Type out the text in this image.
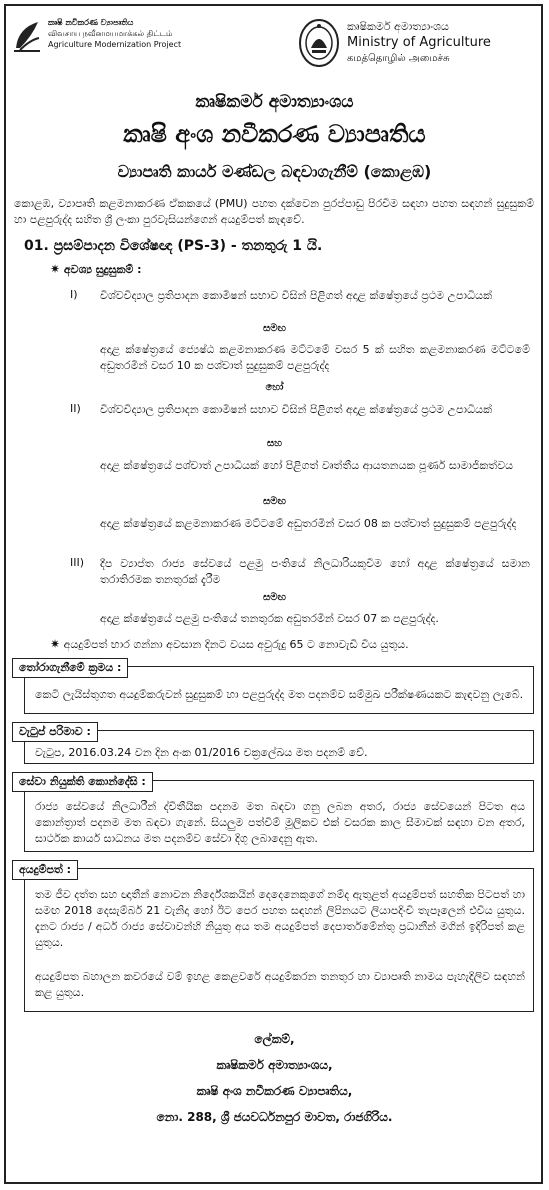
කෘෂි නවීකරණ ව්‍යාපෘතිය
விவசாய நவீனமயமாக்கல் திட்டம்
Agriculture Modernization Project
කෘෂිකර්ම අමාත්‍යාංශය
Ministry of Agriculture
கமத்தொழில் அமைச்சு
කෘෂිකර්ම අමාත්‍යාංශය
කෘෂි අංශ නවීකරණ ව්‍යාපෘතිය
ව්‍යාපෘති කාර්ය මණ්ඩල බඳවාගැනීම් (කොළඹ)
කොළඹ, ව්‍යාපෘති කළමනාකරණ ඒකකයේ (PMU) පහත දක්වෙන පුරප්පාඩු පිරවීම සඳහා පහත සඳහන් සුදුසුකම් හා පළපුරුද්ද සහිත ශ්‍රී ලංකා පුරවැසියන්ගෙන් අයදුම්පත් කැඳවේ.
01. ප්‍රසම්පාදන විශේෂඥ (PS-3) - තනතුරු 1 යි.
✷ අවශ්‍ය සුදුසුකම් :
I) විශ්වවිද්‍යාල ප්‍රතිපාදන කොමිෂන් සභාව විසින් පිළිගත් අදාළ ක්ෂේත්‍රයේ ප්‍රථම උපාධියක්
සමඟ
අදාළ ක්ෂේත්‍රයේ ජ්‍යෙෂ්ඨ කළමනාකරණ මට්ටමේ වසර 5 ක් සහිත කළමනාකරණ මට්ටමේ අඩුතරමින් වසර 10 ක පශ්චාත් සුදුසුකම් පළපුරුද්ද
හෝ
II) විශ්වවිද්‍යාල ප්‍රතිපාදන කොමිෂන් සභාව විසින් පිළිගත් අදාළ ක්ෂේත්‍රයේ ප්‍රථම උපාධියක්
සහ
අදාළ ක්ෂේත්‍රයේ පශ්චාත් උපාධියක් හෝ පිළිගත් වෘත්තීය ආයතනයක පූර්ණ සාමාජිකත්වය
සමඟ
අදාළ ක්ෂේත්‍රයේ කළමනාකරණ මට්ටමේ අඩුතරමින් වසර 08 ක පශ්චාත් සුදුසුකම් පළපුරුද්ද
III) දීප ව්‍යාප්ත රාජ්‍ය සේවයේ පළමු පංතියේ නිලධාරියකුවීම හෝ අදාළ ක්ෂේත්‍රයේ සමාන තරාතිරමක තනතුරක් දැරීම
සමඟ
අදාළ ක්ෂේත්‍රයේ පළමු පංතියේ තනතුරක අඩුතරමින් වසර 07 ක පළපුරුද්ද.
✷ අයදුම්පත් භාර ගන්නා අවසාන දිනට වයස අවුරුදු 65 ට නොවැඩි විය යුතුය.

කෙටි ලැයිස්තුගත අයදුම්කරුවන් සුදුසුකම් හා පළපුරුද්ද මත පදනම්ව සම්මුඛ පරීක්ෂණයකට කැඳවනු ලැබේ.

තෝරාගැනීමේ ක්‍රමය :

වැටුප, 2016.03.24 වන දින අංක 01/2016 චක්‍රලේඛය මත පදනම් වේ.

වැටුප් පරිමාව :

රාජ්‍ය සේවයේ නිලධාරීන් ද්විතීයික පදනම මත බඳවා ගනු ලබන අතර, රාජ්‍ය සේවයෙන් පිටත අය කොන්ත්‍රාත් පදනම මත බඳවා ගැනේ. සියලුම පත්වීම් මූලිකව එක් වසරක කාල සීමාවක් සඳහා වන අතර, සාර්ථක කාර්ය සාධනය මත පදනම්ව සේවා දිගු ලබාදෙනු ඇත.

සේවා නියුක්ති කොන්දේසි :

තම ජීව දත්ත සහ ඥාතීන් නොවන නිර්දේශකයින් දෙදෙනෙකුගේ නම්ද ඇතුළත් අයදුම්පත් සහතික පිටපත් හා සමඟ 2018 දෙසැම්බර් 21 වැනිදා හෝ ඊට පෙර පහත සඳහන් ලිපිනයට ලියාපදිංචි තැපෑලෙන් එවිය යුතුය. දැනට රාජ්‍ය / අර්ධ රාජ්‍ය සේවාවන්හි නියුතු අය තම අයදුම්පත් දෙපාර්තමේන්තු ප්‍රධානීන් මගින් ඉදිරිපත් කළ යුතුය.

අයදුම්පත බහාලන කවරයේ වම් ඉහළ කෙළවරේ අයදුම්කරන තනතුර හා ව්‍යාපෘති නාමය පැහැදිලිව සඳහන් කළ යුතුය.

අයදුම්පත් :
ලේකම්,
කෘෂිකර්ම අමාත්‍යාංශය,
කෘෂි අංශ නවීකරණ ව්‍යාපෘතිය,
නො. 288, ශ්‍රී ජයවර්ධනපුර මාවත, රාජගිරිය.
